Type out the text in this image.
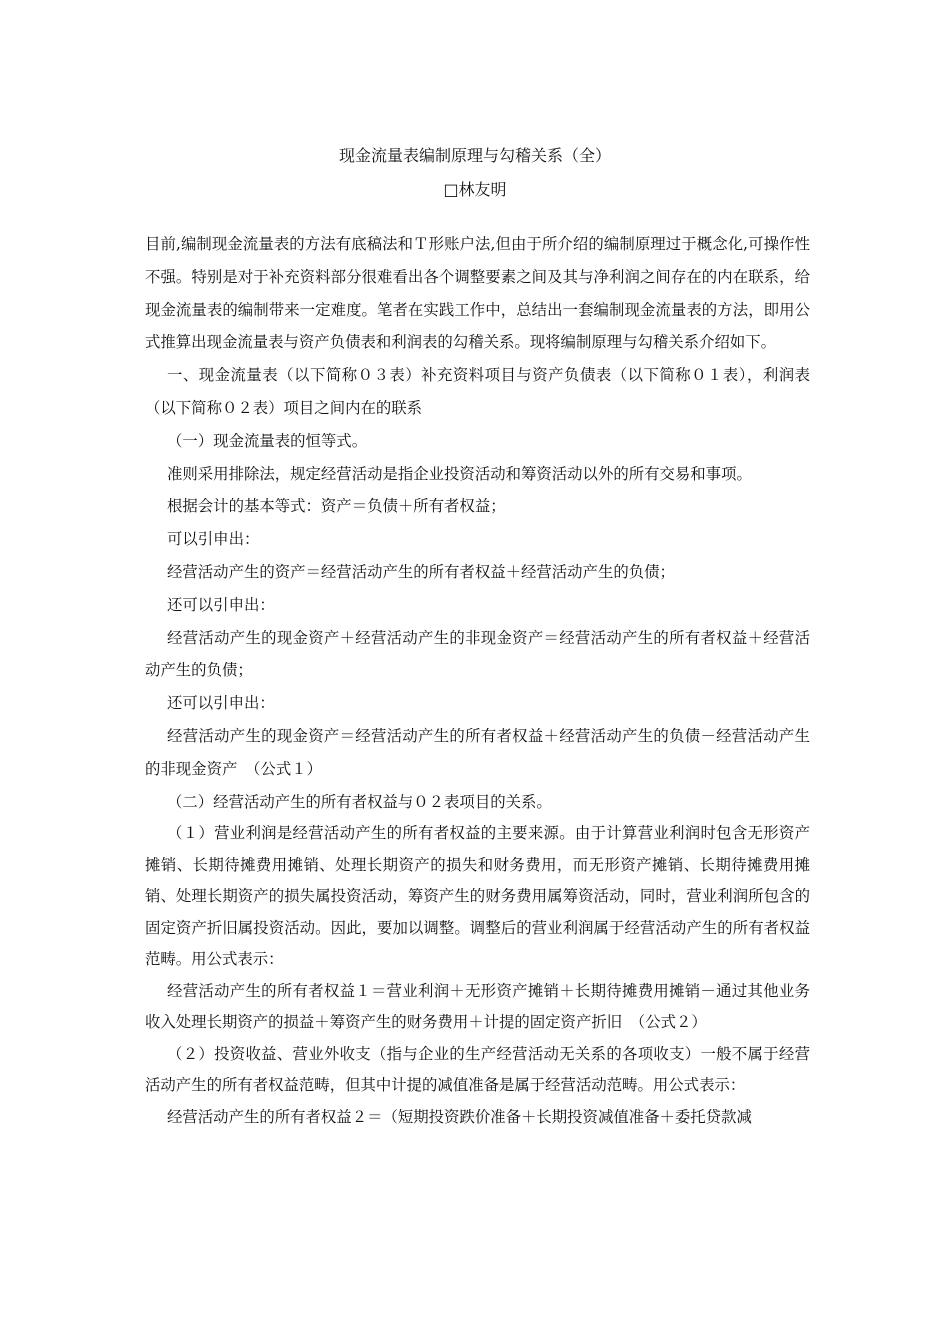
现金流量表编制原理与勾稽关系（全）
□林友明

目前,编制现金流量表的方法有底稿法和Ｔ形账户法,但由于所介绍的编制原理过于概念化,可操作性不强。特别是对于补充资料部分很难看出各个调整要素之间及其与净利润之间存在的内在联系，给现金流量表的编制带来一定难度。笔者在实践工作中，总结出一套编制现金流量表的方法，即用公式推算出现金流量表与资产负债表和利润表的勾稽关系。现将编制原理与勾稽关系介绍如下。

一、现金流量表（以下简称０３表）补充资料项目与资产负债表（以下简称０１表），利润表（以下简称０２表）项目之间内在的联系

（一）现金流量表的恒等式。

准则采用排除法，规定经营活动是指企业投资活动和筹资活动以外的所有交易和事项。

根据会计的基本等式：资产＝负债＋所有者权益；

可以引申出：

经营活动产生的资产＝经营活动产生的所有者权益＋经营活动产生的负债；

还可以引申出：

经营活动产生的现金资产＋经营活动产生的非现金资产＝经营活动产生的所有者权益＋经营活动产生的负债；

还可以引申出：

经营活动产生的现金资产＝经营活动产生的所有者权益＋经营活动产生的负债－经营活动产生的非现金资产　（公式１）

（二）经营活动产生的所有者权益与０２表项目的关系。

（１）营业利润是经营活动产生的所有者权益的主要来源。由于计算营业利润时包含无形资产摊销、长期待摊费用摊销、处理长期资产的损失和财务费用，而无形资产摊销、长期待摊费用摊销、处理长期资产的损失属投资活动，筹资产生的财务费用属筹资活动，同时，营业利润所包含的固定资产折旧属投资活动。因此，要加以调整。调整后的营业利润属于经营活动产生的所有者权益范畴。用公式表示：

经营活动产生的所有者权益１＝营业利润＋无形资产摊销＋长期待摊费用摊销－通过其他业务收入处理长期资产的损益＋筹资产生的财务费用＋计提的固定资产折旧　（公式２）

（２）投资收益、营业外收支（指与企业的生产经营活动无关系的各项收支）一般不属于经营活动产生的所有者权益范畴，但其中计提的减值准备是属于经营活动范畴。用公式表示：

经营活动产生的所有者权益２＝（短期投资跌价准备＋长期投资减值准备＋委托贷款减
